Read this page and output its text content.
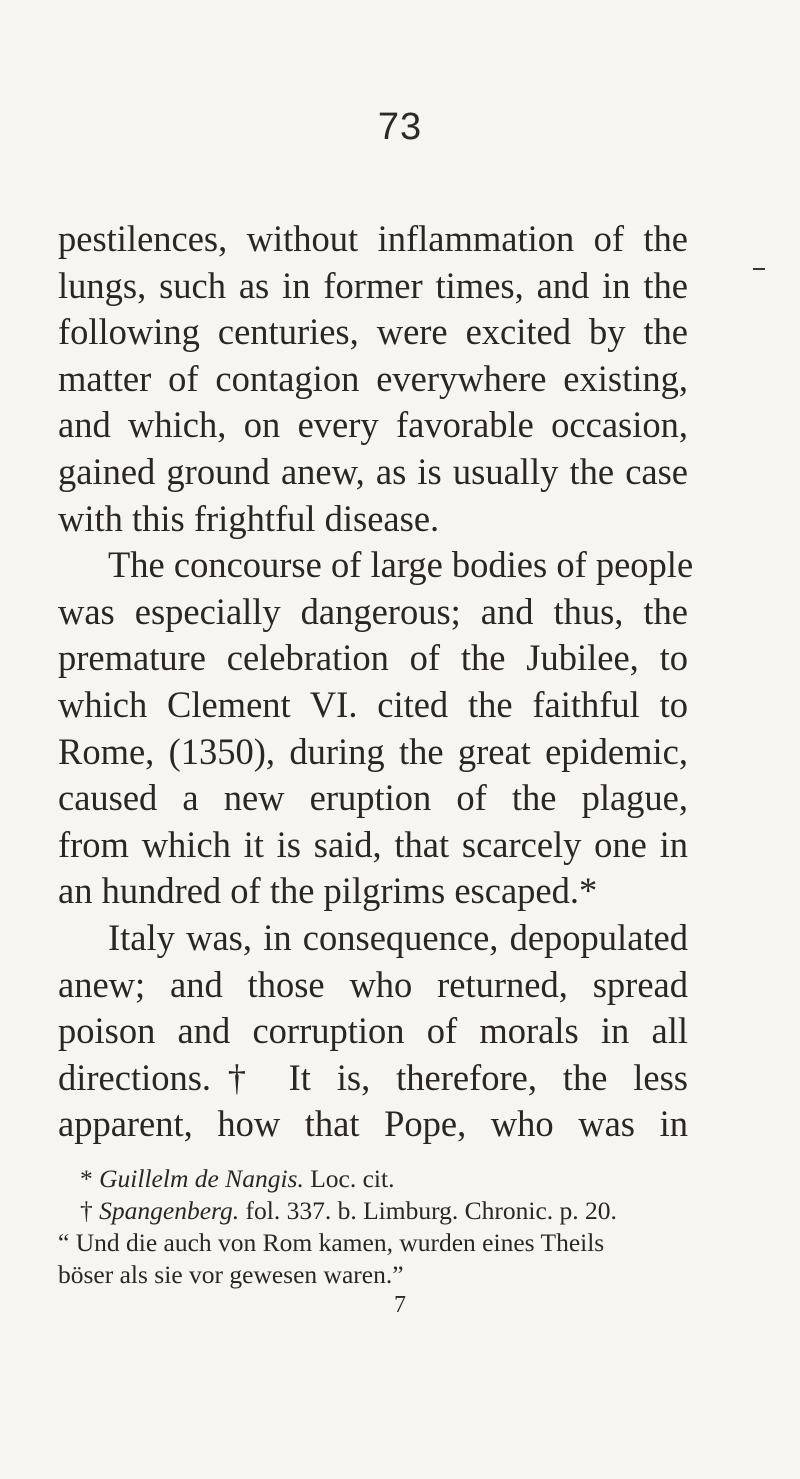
73
pestilences, without inflammation of the
lungs, such as in former times, and in the
following centuries, were excited by the
matter of contagion everywhere existing,
and which, on every favorable occasion,
gained ground anew, as is usually the case
with this frightful disease.
The concourse of large bodies of people
was especially dangerous; and thus, the
premature celebration of the Jubilee, to
which Clement VI. cited the faithful to
Rome, (1350), during the great epidemic,
caused a new eruption of the plague,
from which it is said, that scarcely one in
an hundred of the pilgrims escaped.*
Italy was, in consequence, depopulated
anew; and those who returned, spread
poison and corruption of morals in all
directions.† It is, therefore, the less
apparent, how that Pope, who was in
* Guillelm de Nangis. Loc. cit.
† Spangenberg. fol. 337. b. Limburg. Chronic. p. 20.
“ Und die auch von Rom kamen, wurden eines Theils
böser als sie vor gewesen waren.”
7
